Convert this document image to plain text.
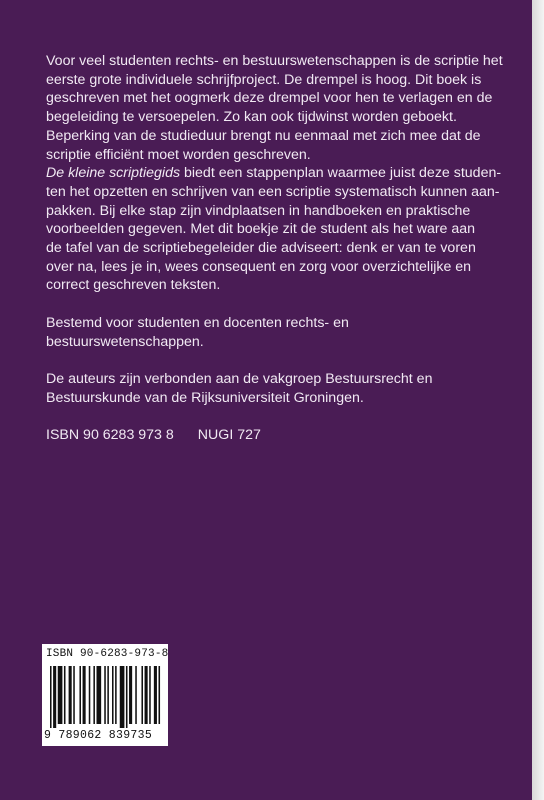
Voor veel studenten rechts- en bestuurswetenschappen is de scriptie het
eerste grote individuele schrijfproject. De drempel is hoog. Dit boek is
geschreven met het oogmerk deze drempel voor hen te verlagen en de
begeleiding te versoepelen. Zo kan ook tijdwinst worden geboekt.
Beperking van de studieduur brengt nu eenmaal met zich mee dat de
scriptie efficiënt moet worden geschreven.

De kleine scriptiegids biedt een stappenplan waarmee juist deze studen-
ten het opzetten en schrijven van een scriptie systematisch kunnen aan-
pakken. Bij elke stap zijn vindplaatsen in handboeken en praktische
voorbeelden gegeven. Met dit boekje zit de student als het ware aan
de tafel van de scriptiebegeleider die adviseert: denk er van te voren
over na, lees je in, wees consequent en zorg voor overzichtelijke en
correct geschreven teksten.

Bestemd voor studenten en docenten rechts- en bestuurswetenschappen.

De auteurs zijn verbonden aan de vakgroep Bestuursrecht en
Bestuurskunde van de Rijksuniversiteit Groningen.

ISBN 90 6283 973 8 NUGI 727

ISBN 90-6283-973-8
9 789062 839735
